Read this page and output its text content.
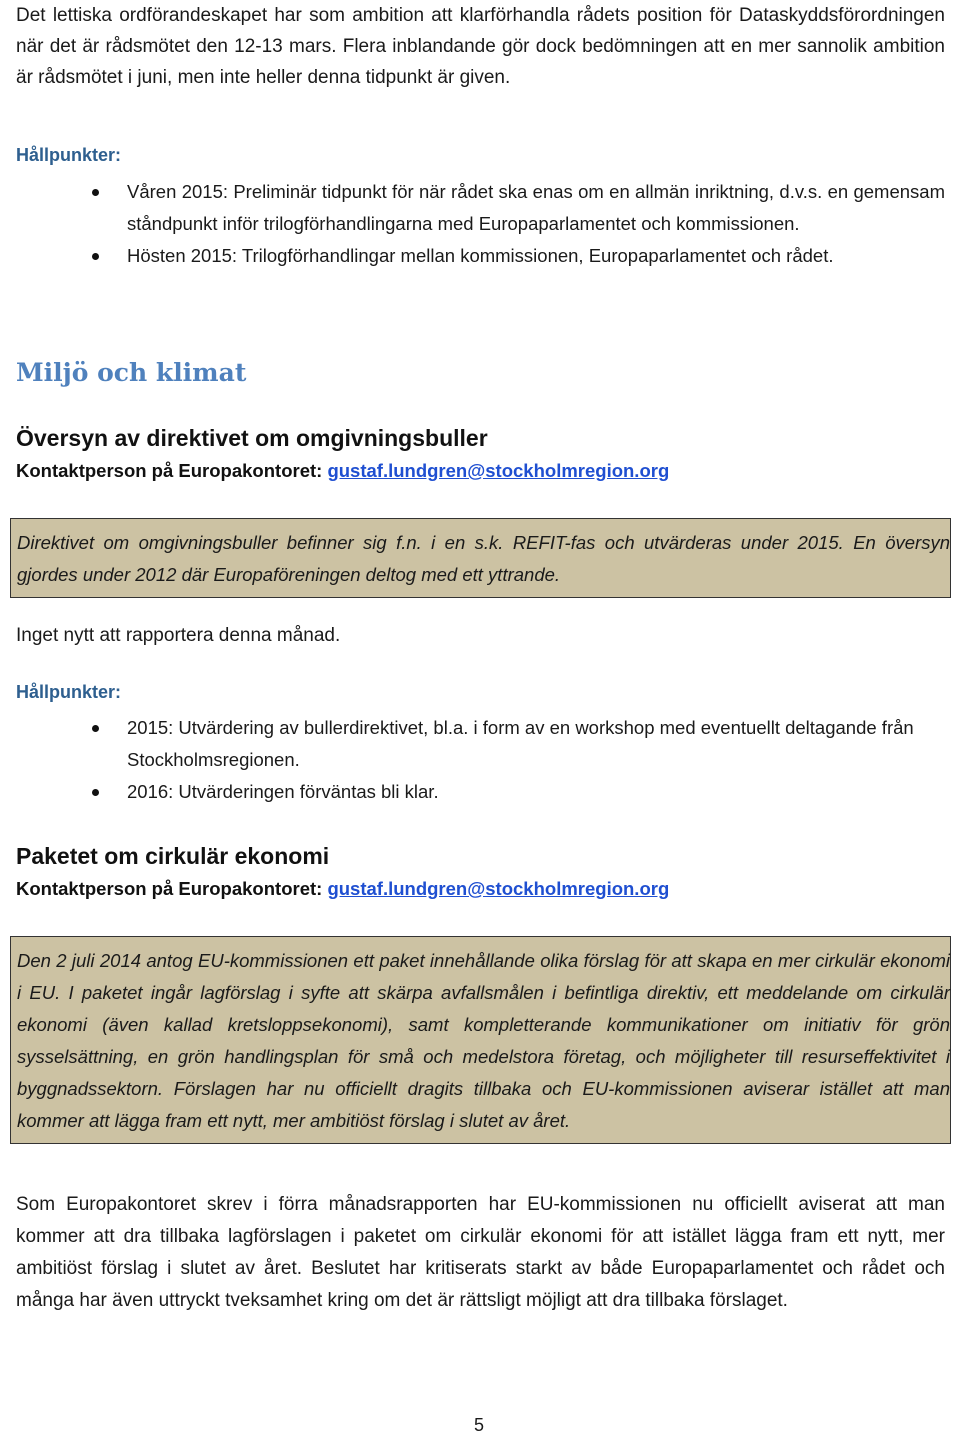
Det lettiska ordförandeskapet har som ambition att klarförhandla rådets position för Dataskyddsförordningen när det är rådsmötet den 12-13 mars. Flera inblandande gör dock bedömningen att en mer sannolik ambition är rådsmötet i juni, men inte heller denna tidpunkt är given.

Hållpunkter:
Våren 2015: Preliminär tidpunkt för när rådet ska enas om en allmän inriktning, d.v.s. en gemensam ståndpunkt inför trilogförhandlingarna med Europaparlamentet och kommissionen.
Hösten 2015: Trilogförhandlingar mellan kommissionen, Europaparlamentet och rådet.
Miljö och klimat
Översyn av direktivet om omgivningsbuller
Kontaktperson på Europakontoret: gustaf.lundgren@stockholmregion.org
Direktivet om omgivningsbuller befinner sig f.n. i en s.k. REFIT-fas och utvärderas under 2015. En översyn gjordes under 2012 där Europaföreningen deltog med ett yttrande.
Inget nytt att rapportera denna månad.
Hållpunkter:
2015: Utvärdering av bullerdirektivet, bl.a. i form av en workshop med eventuellt deltagande från Stockholmsregionen.
2016: Utvärderingen förväntas bli klar.
Paketet om cirkulär ekonomi
Kontaktperson på Europakontoret: gustaf.lundgren@stockholmregion.org
Den 2 juli 2014 antog EU-kommissionen ett paket innehållande olika förslag för att skapa en mer cirkulär ekonomi i EU. I paketet ingår lagförslag i syfte att skärpa avfallsmålen i befintliga direktiv, ett meddelande om cirkulär ekonomi (även kallad kretsloppsekonomi), samt kompletterande kommunikationer om initiativ för grön sysselsättning, en grön handlingsplan för små och medelstora företag, och möjligheter till resurseffektivitet i byggnadssektorn. Förslagen har nu officiellt dragits tillbaka och EU-kommissionen aviserar istället att man kommer att lägga fram ett nytt, mer ambitiöst förslag i slutet av året.

Som Europakontoret skrev i förra månadsrapporten har EU-kommissionen nu officiellt aviserat att man kommer att dra tillbaka lagförslagen i paketet om cirkulär ekonomi för att istället lägga fram ett nytt, mer ambitiöst förslag i slutet av året. Beslutet har kritiserats starkt av både Europaparlamentet och rådet och många har även uttryckt tveksamhet kring om det är rättsligt möjligt att dra tillbaka förslaget.

5
